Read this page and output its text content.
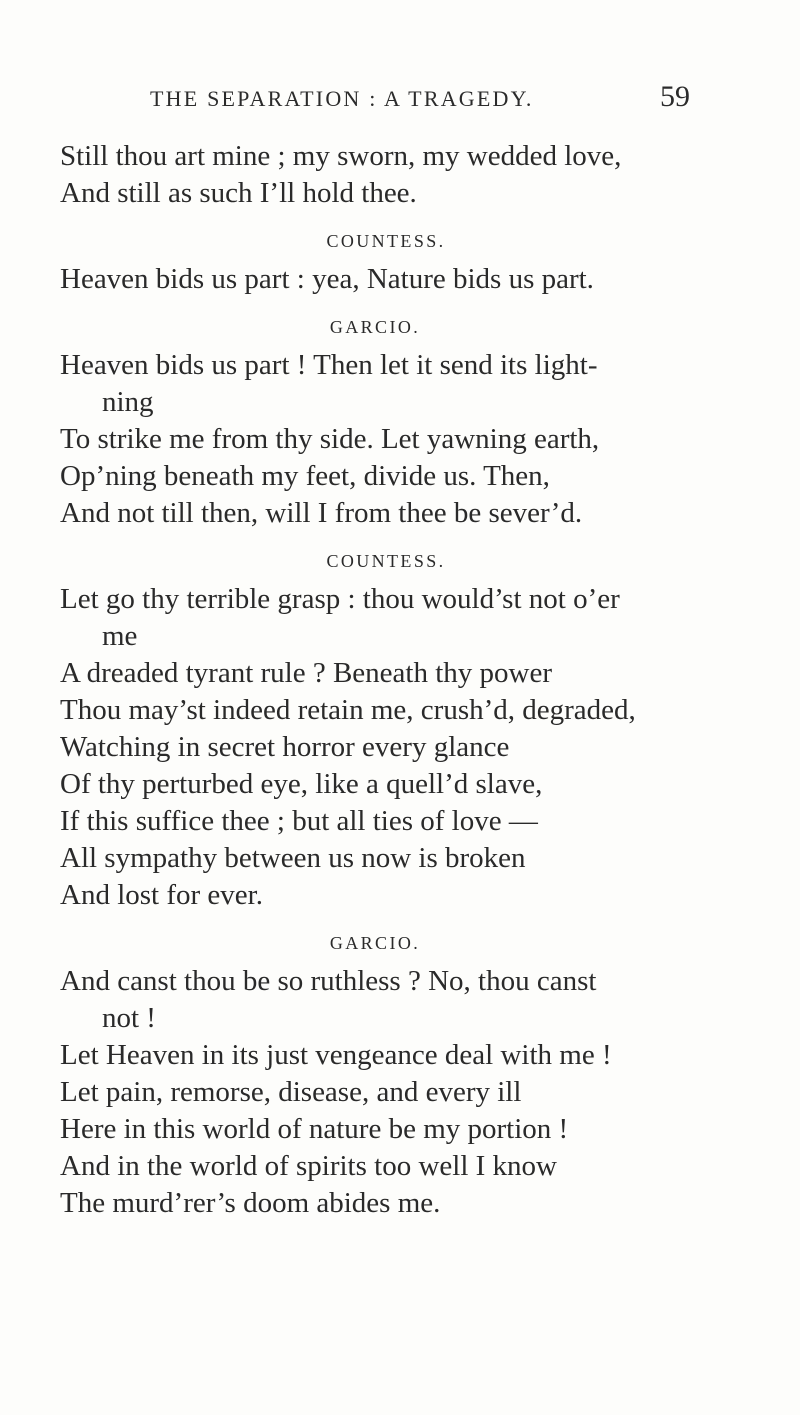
THE SEPARATION : A TRAGEDY.	59
Still thou art mine ; my sworn, my wedded love,
And still as such I’ll hold thee.
COUNTESS.
Heaven bids us part : yea, Nature bids us part.
GARCIO.
Heaven bids us part ! Then let it send its light-
ning
To strike me from thy side. Let yawning earth,
Op’ning beneath my feet, divide us. Then,
And not till then, will I from thee be sever’d.
COUNTESS.
Let go thy terrible grasp : thou would’st not o’er
me
A dreaded tyrant rule ? Beneath thy power
Thou may’st indeed retain me, crush’d, degraded,
Watching in secret horror every glance
Of thy perturbed eye, like a quell’d slave,
If this suffice thee ; but all ties of love —
All sympathy between us now is broken
And lost for ever.
GARCIO.
And canst thou be so ruthless ? No, thou canst
not !
Let Heaven in its just vengeance deal with me !
Let pain, remorse, disease, and every ill
Here in this world of nature be my portion !
And in the world of spirits too well I know
The murd’rer’s doom abides me.
